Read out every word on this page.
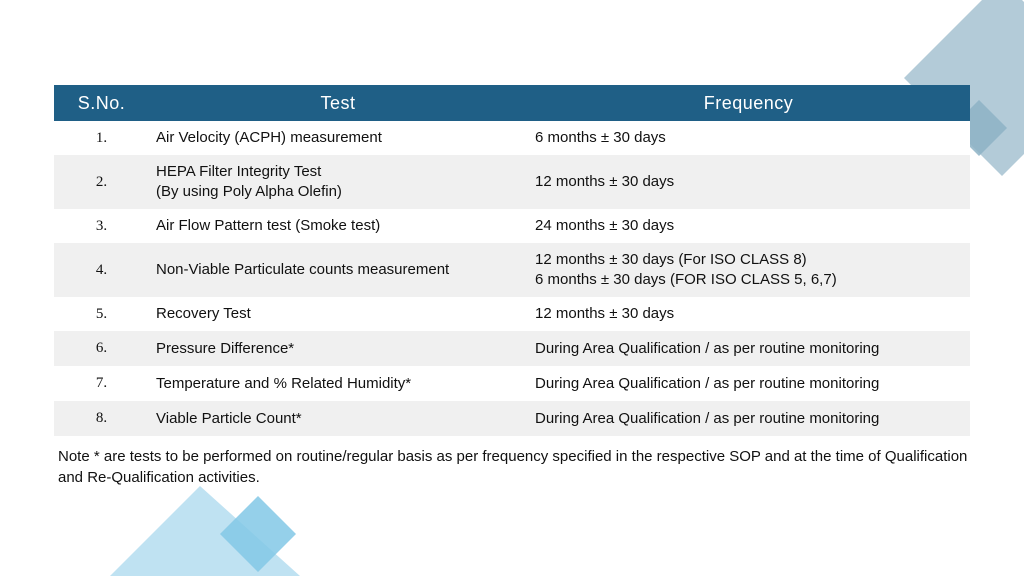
S.No.	Test	Frequency
1.	Air Velocity (ACPH) measurement	6 months ± 30 days

2.	HEPA Filter Integrity Test
(By using Poly Alpha Olefin)	12 months ± 30 days

3.	Air Flow Pattern test (Smoke test)	24 months ± 30 days

4.	Non-Viable Particulate counts measurement	12 months ± 30 days (For ISO CLASS 8)
6 months ± 30 days (FOR ISO CLASS 5, 6,7)

5.	Recovery Test	12 months ± 30 days

6.	Pressure Difference*	During Area Qualification / as per routine monitoring

7.	Temperature and % Related Humidity*	During Area Qualification / as per routine monitoring

8.	Viable Particle Count*	During Area Qualification / as per routine monitoring
Note * are tests to be performed on routine/regular basis as per frequency specified in the respective SOP and at the time of Qualification and Re-Qualification activities.
